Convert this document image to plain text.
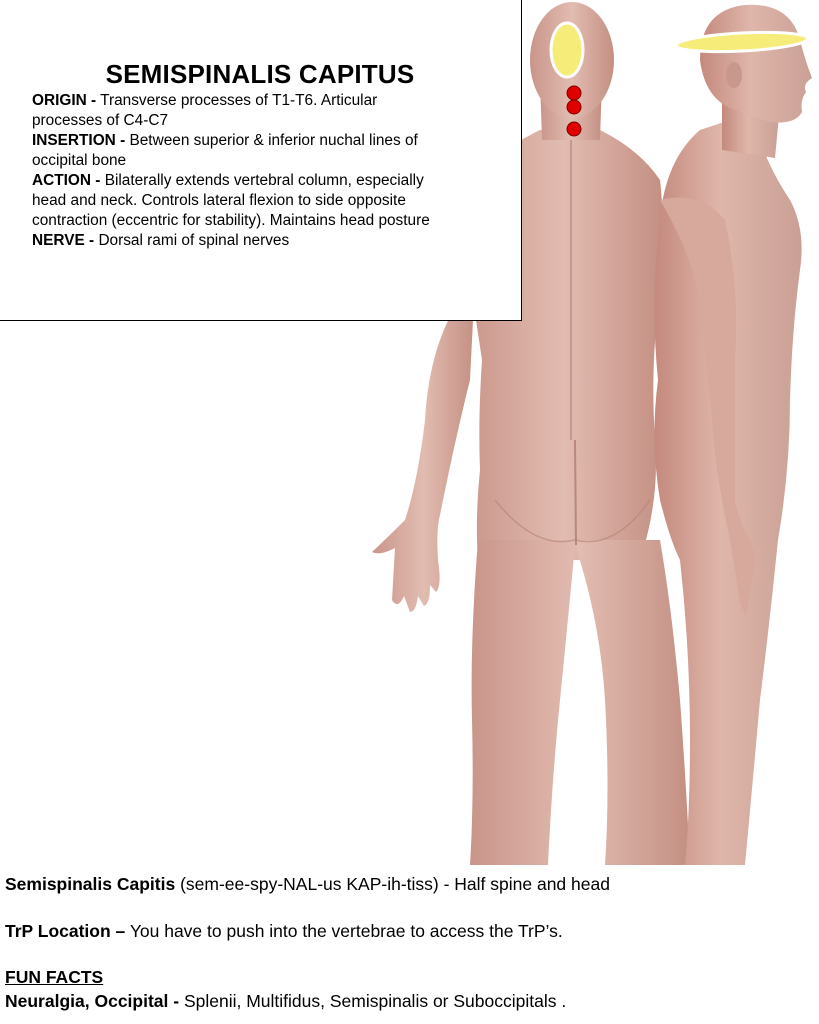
SEMISPINALIS CAPITUS
ORIGIN - Transverse processes of T1-T6. Articular
processes of C4-C7
INSERTION - Between superior & inferior nuchal lines of
occipital bone
ACTION - Bilaterally extends vertebral column, especially
head and neck. Controls lateral flexion to side opposite
contraction (eccentric for stability). Maintains head posture
NERVE - Dorsal rami of spinal nerves
Semispinalis Capitis (sem-ee-spy-NAL-us KAP-ih-tiss) - Half spine and head
TrP Location – You have to push into the vertebrae to access the TrP’s.
FUN FACTS
Neuralgia, Occipital - Splenii, Multifidus, Semispinalis or Suboccipitals .
